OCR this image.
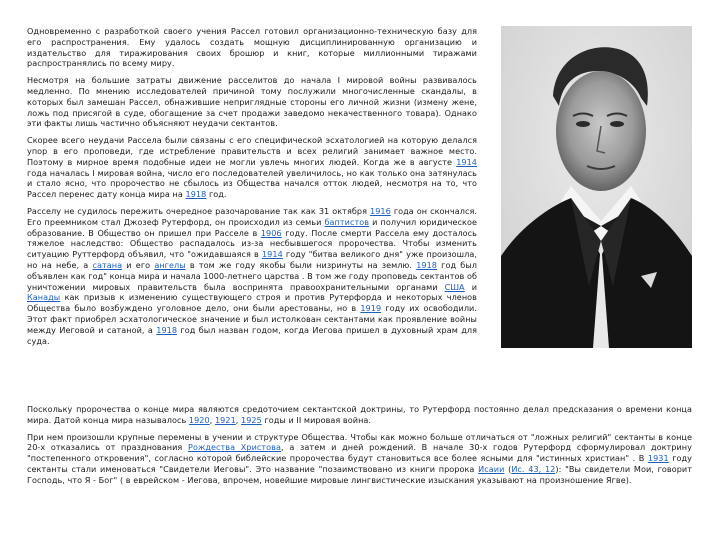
Одновременно с разработкой своего учения Рассел готовил организационно-техническую базу для его распространения. Ему удалось создать мощную дисциплинированную организацию и издательство для тиражирования своих брошюр и книг, которые миллионными тиражами распространялись по всему миру.

Несмотря на большие затраты движение расселитов до начала I мировой войны развивалось медленно. По мнению исследователей причиной тому послужили многочисленные скандалы, в которых был замешан Рассел, обнажившие неприглядные стороны его личной жизни (измену жене, ложь под присягой в суде, обогащение за счет продажи заведомо некачественного товара). Однако эти факты лишь частично объясняют неудачи сектантов.

Скорее всего неудачи Рассела были связаны с его специфической эсхатологией на которую делался упор в его проповеди, где истребление правительств и всех религий занимает важное место. Поэтому в мирное время подобные идеи не могли увлечь многих людей. Когда же в августе 1914 года началась I мировая война, число его последователей увеличилось, но как только она затянулась и стало ясно, что пророчество не сбылось из Общества начался отток людей, несмотря на то, что Рассел перенес дату конца мира на 1918 год.

Расселу не судилось пережить очередное разочарование так как 31 октября 1916 года он скончался. Его преемником стал Джозеф Рутерфорд, он происходил из семьи баптистов и получил юридическое образование. В Общество он пришел при Расселе в 1906 году. После смерти Рассела ему досталось тяжелое наследство: Общество распадалось из-за несбывшегося пророчества. Чтобы изменить ситуацию Руттерфорд объявил, что "ожидавшаяся в 1914 году "битва великого дня" уже произошла, но на небе, а сатана и его ангелы в том же году якобы были низринуты на землю. 1918 год был объявлен как год" конца мира и начала 1000-летнего царства . В том же году проповедь сектантов об уничтожении мировых правительств была воспринята правоохранительными органами США и Канады как призыв к изменению существующего строя и против Рутерфорда и некоторых членов Общества было возбуждено уголовное дело, они были арестованы, но в 1919 году их освободили. Этот факт приобрел эсхатологическое значение и был истолкован сектантами как проявление войны между Иеговой и сатаной, а 1918 год был назван годом, когда Иегова пришел в духовный храм для суда.

Поскольку пророчества о конце мира являются средоточием сектантской доктрины, то Рутерфорд постоянно делал предсказания о времени конца мира. Датой конца мира называлось 1920, 1921, 1925 годы и II мировая война.

При нем произошли крупные перемены в учении и структуре Общества. Чтобы как можно больше отличаться от "ложных религий" сектанты в конце 20-х отказались от празднования Рождества Христова, а затем и дней рождений. В начале 30-х годов Рутерфорд сформулировал доктрину "постепенного откровения", согласно которой библейские пророчества будут становиться все более ясными для "истинных христиан" . В 1931 году сектанты стали именоваться "Свидетели Иеговы". Это название "позаимствовано из книги пророка Исаии (Ис. 43, 12): "Вы свидетели Мои, говорит Господь, что Я - Бог" ( в еврейском - Иегова, впрочем, новейшие мировые лингвистические изыскания указывают на произношение Ягве).
